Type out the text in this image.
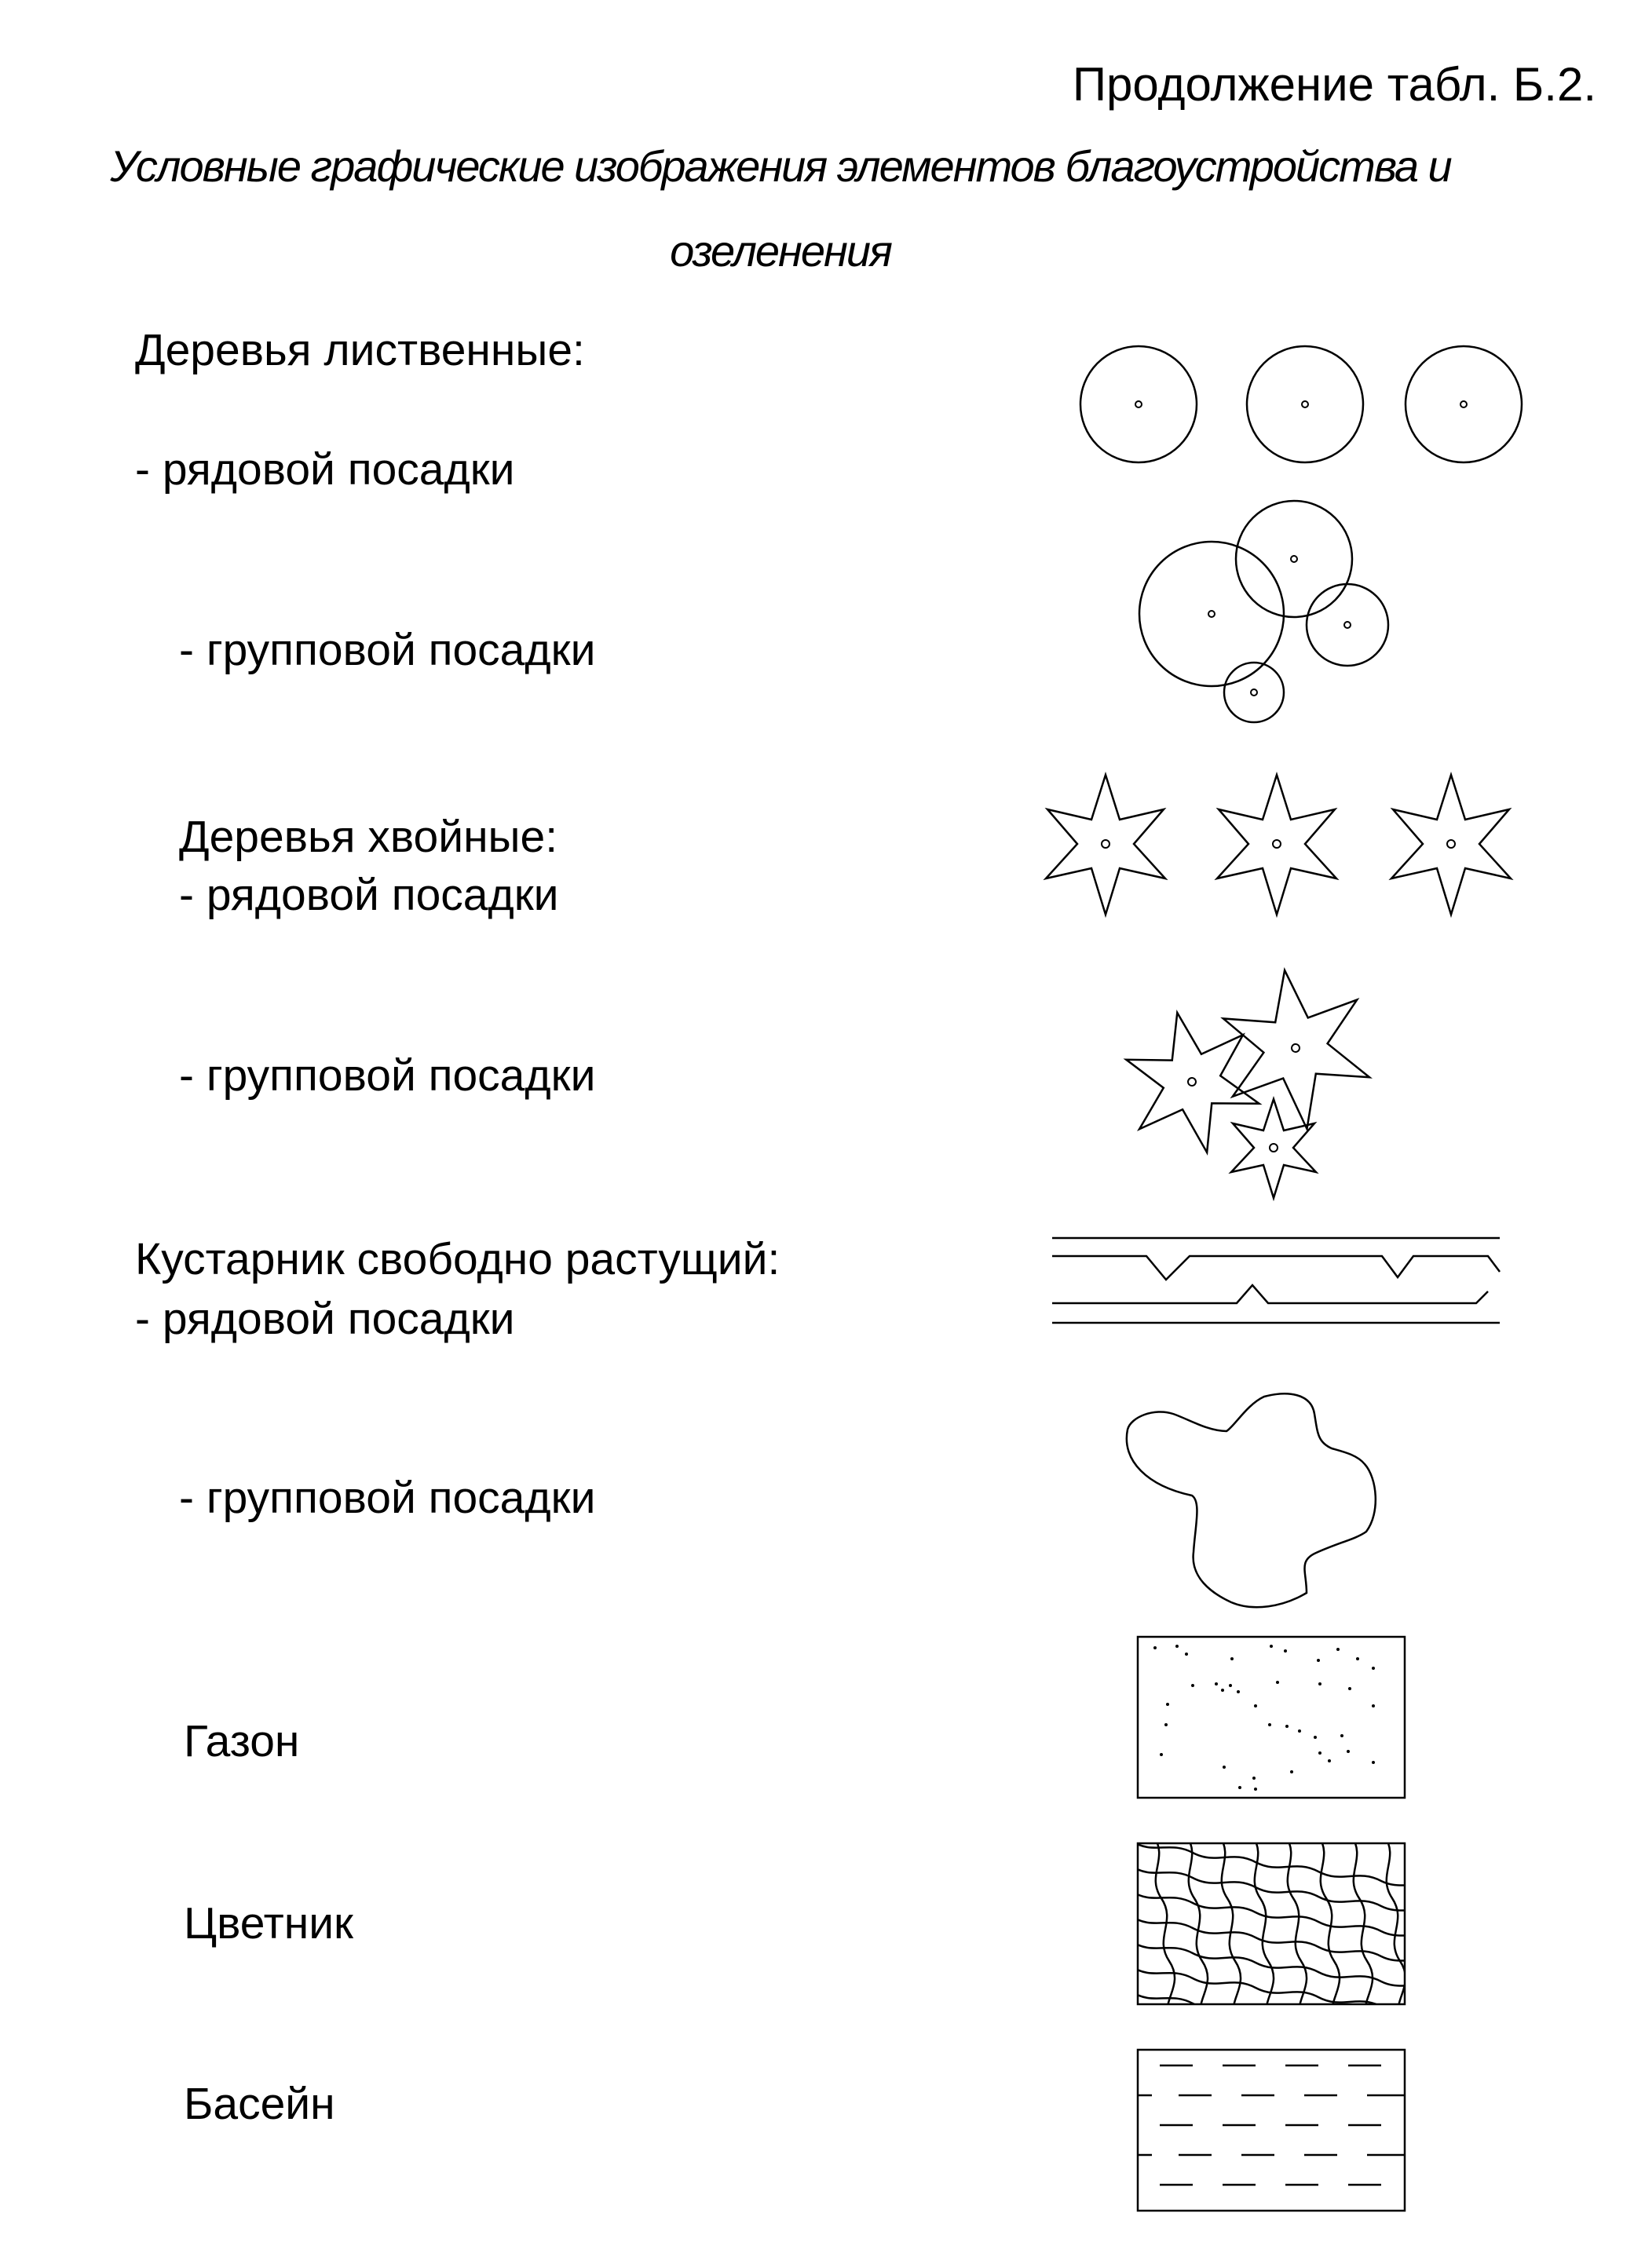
Продолжение табл. Б.2.
Условные графические изображения элементов благоустройства и озеленения
Деревья лиственные:
- рядовой посадки
- групповой посадки
Деревья хвойные:
- рядовой посадки
- групповой посадки
Кустарник свободно растущий:
- рядовой посадки
- групповой посадки
Газон
Цветник
Басейн
